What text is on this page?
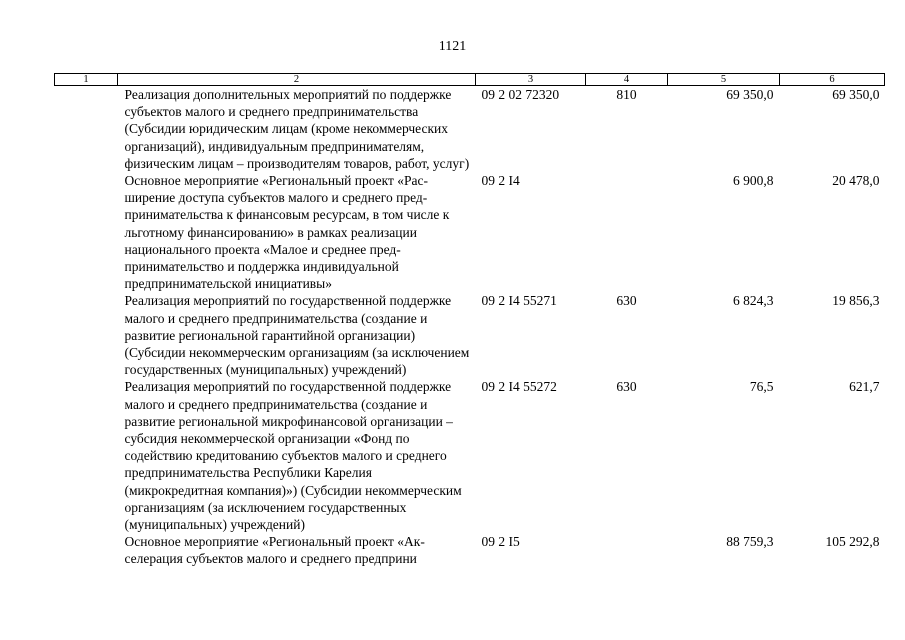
1121
1	2	3	4	5	6
	Реализация дополнительных мероприятий по поддержке субъектов малого и среднего предпринимательства (Субсидии юридическим лицам (кроме некоммерческих организаций), индивидуальным предпринимателям, физическим лицам – производителям товаров, работ, услуг)	09 2 02 72320	810	69 350,0	69 350,0
	Основное мероприятие «Региональный проект «Расширение доступа субъектов малого и среднего предпринимательства к финансовым ресурсам, в том числе к льготному финансированию» в рамках реализации национального проекта «Малое и среднее предпринимательство и поддержка индивидуальной предпринимательской инициативы»	09 2 I4		6 900,8	20 478,0
	Реализация мероприятий по государственной поддержке малого и среднего предпринимательства (создание и развитие региональной гарантийной организации) (Субсидии некоммерческим организациям (за исключением государственных (муниципальных) учреждений)	09 2 I4 55271	630	6 824,3	19 856,3
	Реализация мероприятий по государственной поддержке малого и среднего предпринимательства (создание и развитие региональной микрофинансовой организации – субсидия некоммерческой организации «Фонд по содействию кредитованию субъектов малого и среднего предпринимательства Республики Карелия (микрокредитная компания)») (Субсидии некоммерческим организациям (за исключением государственных (муниципальных) учреждений)	09 2 I4 55272	630	76,5	621,7
	Основное мероприятие «Региональный проект «Акселерация субъектов малого и среднего предприни	09 2 I5		88 759,3	105 292,8
